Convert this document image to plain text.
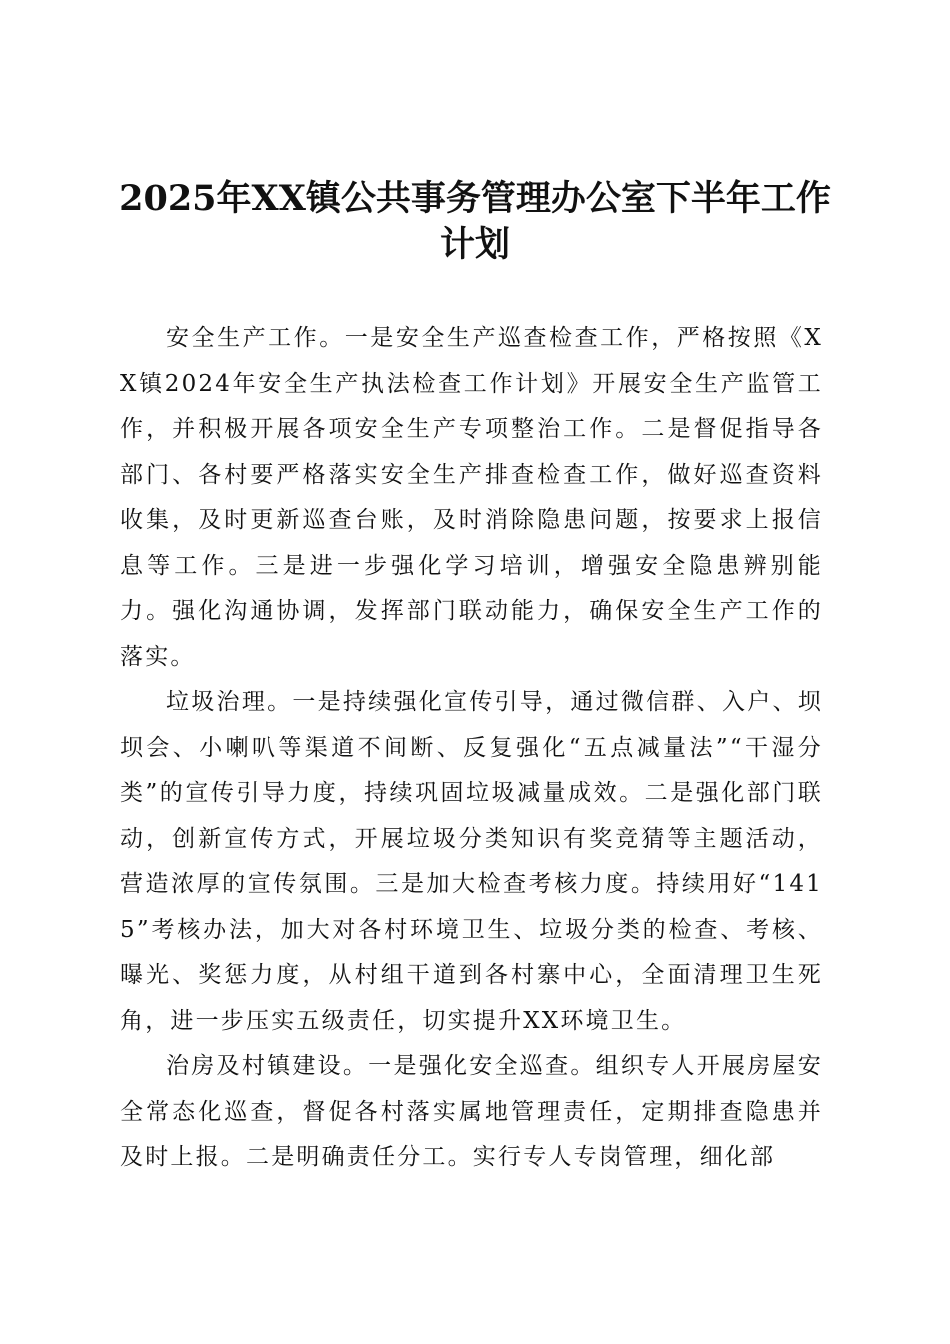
2025年XX镇公共事务管理办公室下半年工作计划

安全生产工作。一是安全生产巡查检查工作，严格按照《XX镇2024年安全生产执法检查工作计划》开展安全生产监管工作，并积极开展各项安全生产专项整治工作。二是督促指导各部门、各村要严格落实安全生产排查检查工作，做好巡查资料收集，及时更新巡查台账，及时消除隐患问题，按要求上报信息等工作。三是进一步强化学习培训，增强安全隐患辨别能力。强化沟通协调，发挥部门联动能力，确保安全生产工作的落实。

垃圾治理。一是持续强化宣传引导，通过微信群、入户、坝坝会、小喇叭等渠道不间断、反复强化“五点减量法”“干湿分类”的宣传引导力度，持续巩固垃圾减量成效。二是强化部门联动，创新宣传方式，开展垃圾分类知识有奖竞猜等主题活动，营造浓厚的宣传氛围。三是加大检查考核力度。持续用好“1415”考核办法，加大对各村环境卫生、垃圾分类的检查、考核、曝光、奖惩力度，从村组干道到各村寨中心，全面清理卫生死角，进一步压实五级责任，切实提升XX环境卫生。

治房及村镇建设。一是强化安全巡查。组织专人开展房屋安全常态化巡查，督促各村落实属地管理责任，定期排查隐患并及时上报。二是明确责任分工。实行专人专岗管理，细化部
